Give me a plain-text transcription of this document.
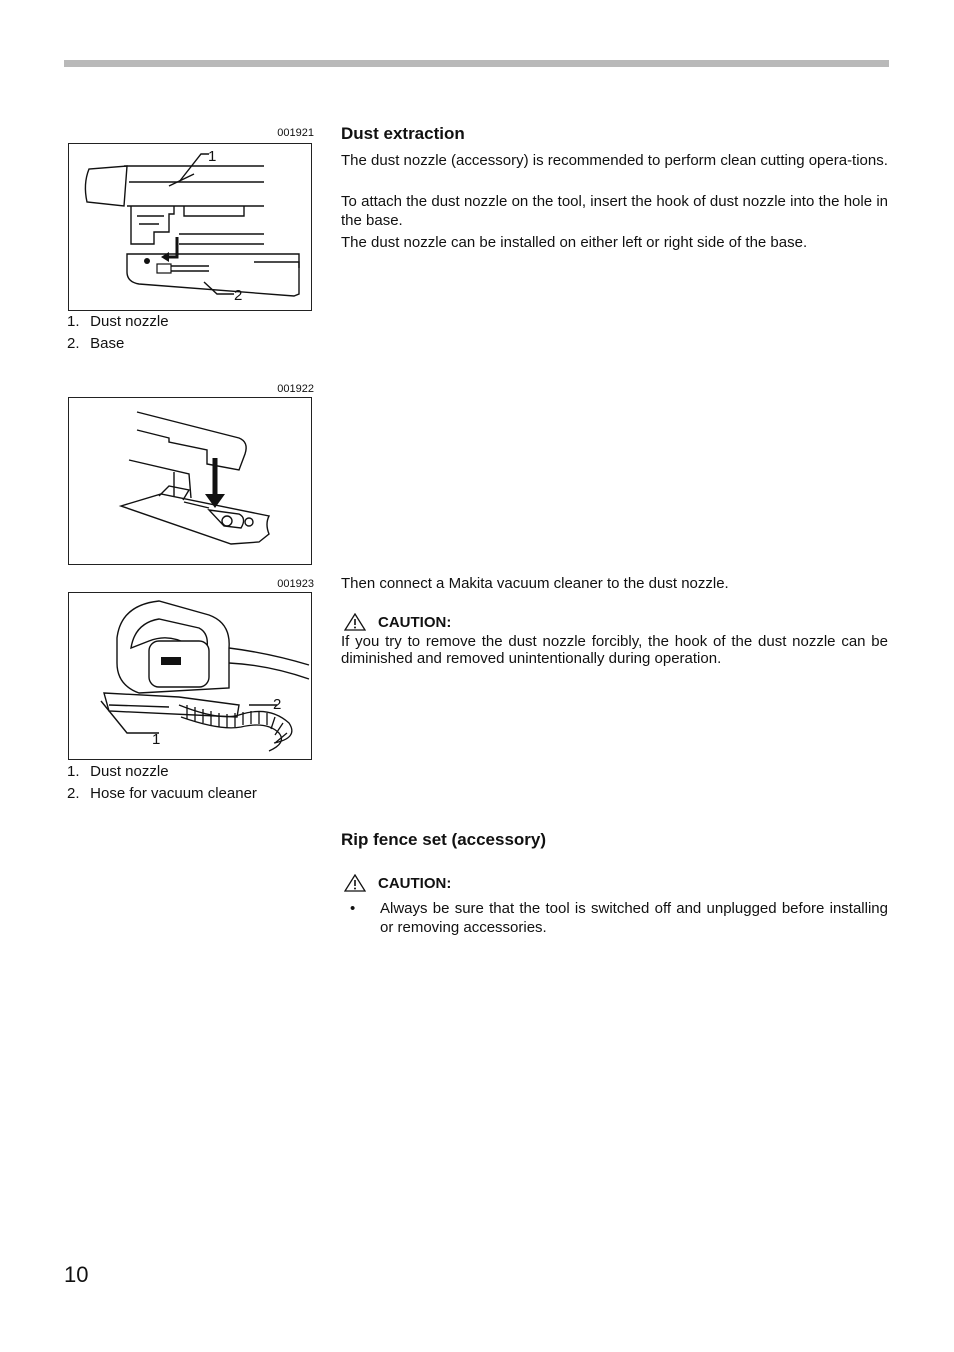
001921
1
2
1. Dust nozzle
2. Base
001922
001923
2
1
1. Dust nozzle
2. Hose for vacuum cleaner
Dust extraction
The dust nozzle (accessory) is recommended to perform clean cutting opera-tions.
To attach the dust nozzle on the tool, insert the hook of dust nozzle into the hole in the base.
The dust nozzle can be installed on either left or right side of the base.
Then connect a Makita vacuum cleaner to the dust nozzle.
CAUTION:
If you try to remove the dust nozzle forcibly, the hook of the dust nozzle can be diminished and removed unintentionally during operation.
Rip fence set (accessory)
CAUTION:
•	Always be sure that the tool is switched off and unplugged before installing or removing accessories.
10
